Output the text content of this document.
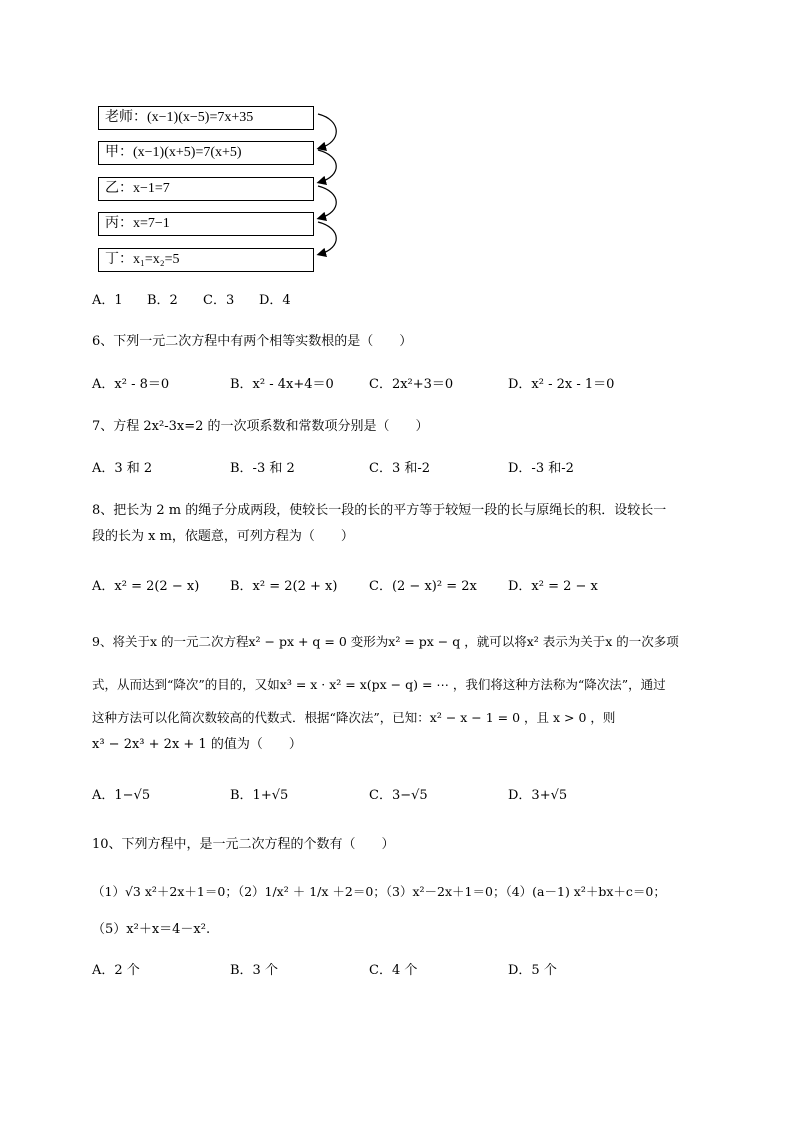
老师：(x−1)(x−5)=7x+35
甲：(x−1)(x+5)=7(x+5)
乙：x−1=7
丙：x=7−1
丁：x₁=x₂=5
A．1 B．2 C．3 D．4
6、下列一元二次方程中有两个相等实数根的是（　　）
A．x² - 8＝0	B．x² - 4x+4＝0	C．2x²+3＝0	D．x² - 2x - 1＝0
7、方程 2x²-3x=2 的一次项系数和常数项分别是（　　）
A．3 和 2	B．-3 和 2	C．3 和-2	D．-3 和-2
8、把长为 2 m 的绳子分成两段，使较长一段的长的平方等于较短一段的长与原绳长的积．设较长一
段的长为 x m，依题意，可列方程为（　　）
A．x² = 2(2 − x) B．x² = 2(2 + x) C．(2 − x)² = 2x D．x² = 2 − x
9、将关于x 的一元二次方程x² − px + q = 0 变形为x² = px − q ，就可以将x² 表示为关于x 的一次多项
式，从而达到“降次”的目的，又如x³ = x · x² = x(px − q) = ⋯ ，我们将这种方法称为“降次法”，通过
这种方法可以化简次数较高的代数式．根据“降次法”，已知：x² − x − 1 = 0 ，且 x > 0 ，则
x³ − 2x³ + 2x + 1 的值为（　　）
A．1−√5	B．1+√5	C．3−√5	D．3+√5
10、下列方程中，是一元二次方程的个数有（　　）
（1）√3 x²＋2x＋1＝0；（2）1/x² ＋ 1/x ＋2＝0；（3）x²－2x＋1＝0；（4）(a－1) x²＋bx＋c＝0；
（5）x²＋x＝4－x².
A．2 个	B．3 个	C．4 个	D．5 个
